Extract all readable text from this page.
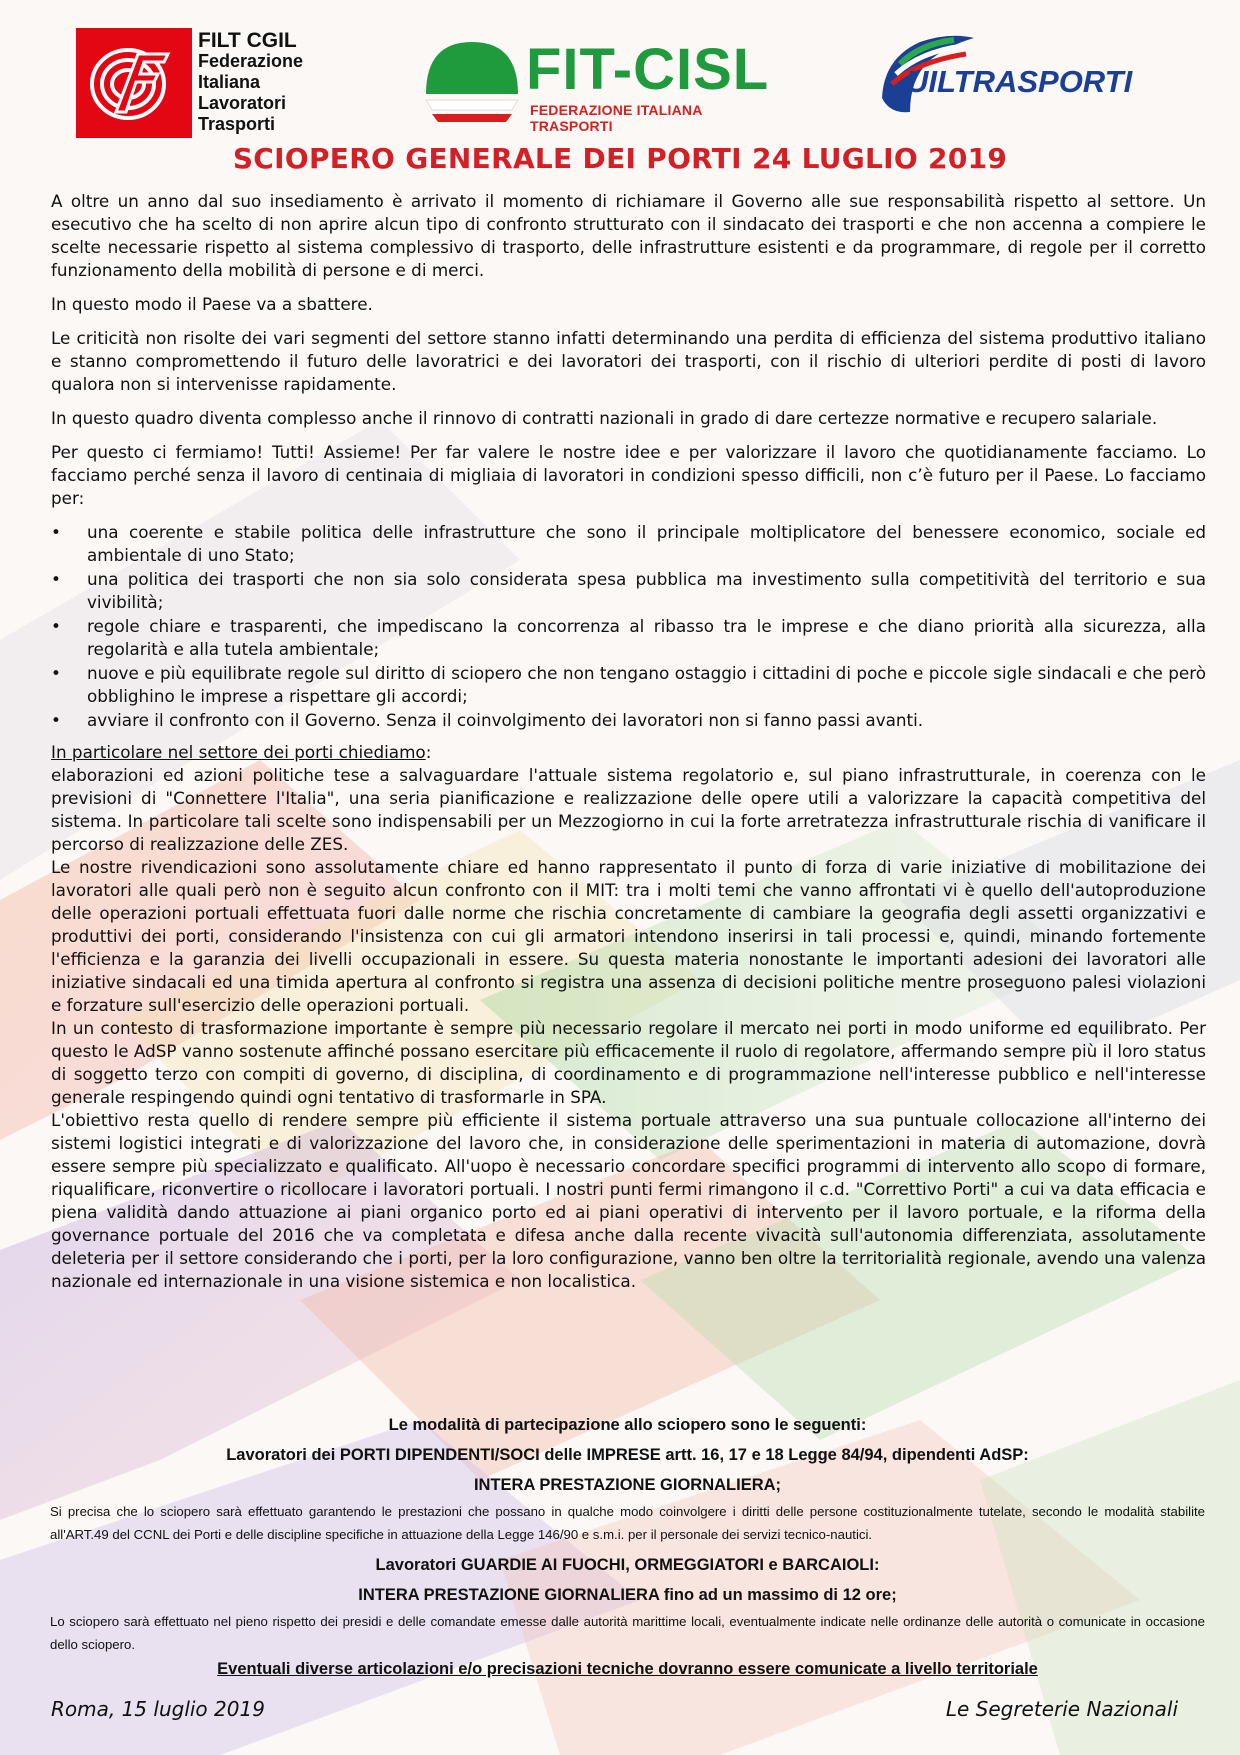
FILT CGIL
Federazione
Italiana
Lavoratori
Trasporti
FIT-CISL
FEDERAZIONE ITALIANA TRASPORTI
UILTRASPORTI
SCIOPERO GENERALE DEI PORTI 24 LUGLIO 2019

A oltre un anno dal suo insediamento è arrivato il momento di richiamare il Governo alle sue responsabilità rispetto al settore. Un esecutivo che ha scelto di non aprire alcun tipo di confronto strutturato con il sindacato dei trasporti e che non accenna a compiere le scelte necessarie rispetto al sistema complessivo di trasporto, delle infrastrutture esistenti e da programmare, di regole per il corretto funzionamento della mobilità di persone e di merci.

In questo modo il Paese va a sbattere.

Le criticità non risolte dei vari segmenti del settore stanno infatti determinando una perdita di efficienza del sistema produttivo italiano e stanno compromettendo il futuro delle lavoratrici e dei lavoratori dei trasporti, con il rischio di ulteriori perdite di posti di lavoro qualora non si intervenisse rapidamente.

In questo quadro diventa complesso anche il rinnovo di contratti nazionali in grado di dare certezze normative e recupero salariale.

Per questo ci fermiamo! Tutti! Assieme! Per far valere le nostre idee e per valorizzare il lavoro che quotidianamente facciamo. Lo facciamo perché senza il lavoro di centinaia di migliaia di lavoratori in condizioni spesso difficili, non c’è futuro per il Paese. Lo facciamo per:

• una coerente e stabile politica delle infrastrutture che sono il principale moltiplicatore del benessere economico, sociale ed ambientale di uno Stato;
• una politica dei trasporti che non sia solo considerata spesa pubblica ma investimento sulla competitività del territorio e sua vivibilità;
• regole chiare e trasparenti, che impediscano la concorrenza al ribasso tra le imprese e che diano priorità alla sicurezza, alla regolarità e alla tutela ambientale;
• nuove e più equilibrate regole sul diritto di sciopero che non tengano ostaggio i cittadini di poche e piccole sigle sindacali e che però obblighino le imprese a rispettare gli accordi;
• avviare il confronto con il Governo. Senza il coinvolgimento dei lavoratori non si fanno passi avanti.

In particolare nel settore dei porti chiediamo:

elaborazioni ed azioni politiche tese a salvaguardare l'attuale sistema regolatorio e, sul piano infrastrutturale, in coerenza con le previsioni di "Connettere l'Italia", una seria pianificazione e realizzazione delle opere utili a valorizzare la capacità competitiva del sistema. In particolare tali scelte sono indispensabili per un Mezzogiorno in cui la forte arretratezza infrastrutturale rischia di vanificare il percorso di realizzazione delle ZES.

Le nostre rivendicazioni sono assolutamente chiare ed hanno rappresentato il punto di forza di varie iniziative di mobilitazione dei lavoratori alle quali però non è seguito alcun confronto con il MIT: tra i molti temi che vanno affrontati vi è quello dell'autoproduzione delle operazioni portuali effettuata fuori dalle norme che rischia concretamente di cambiare la geografia degli assetti organizzativi e produttivi dei porti, considerando l'insistenza con cui gli armatori intendono inserirsi in tali processi e, quindi, minando fortemente l'efficienza e la garanzia dei livelli occupazionali in essere. Su questa materia nonostante le importanti adesioni dei lavoratori alle iniziative sindacali ed una timida apertura al confronto si registra una assenza di decisioni politiche mentre proseguono palesi violazioni e forzature sull'esercizio delle operazioni portuali.

In un contesto di trasformazione importante è sempre più necessario regolare il mercato nei porti in modo uniforme ed equilibrato. Per questo le AdSP vanno sostenute affinché possano esercitare più efficacemente il ruolo di regolatore, affermando sempre più il loro status di soggetto terzo con compiti di governo, di disciplina, di coordinamento e di programmazione nell'interesse pubblico e nell'interesse generale respingendo quindi ogni tentativo di trasformarle in SPA.

L'obiettivo resta quello di rendere sempre più efficiente il sistema portuale attraverso una sua puntuale collocazione all'interno dei sistemi logistici integrati e di valorizzazione del lavoro che, in considerazione delle sperimentazioni in materia di automazione, dovrà essere sempre più specializzato e qualificato. All'uopo è necessario concordare specifici programmi di intervento allo scopo di formare, riqualificare, riconvertire o ricollocare i lavoratori portuali. I nostri punti fermi rimangono il c.d. "Correttivo Porti" a cui va data efficacia e piena validità dando attuazione ai piani organico porto ed ai piani operativi di intervento per il lavoro portuale, e la riforma della governance portuale del 2016 che va completata e difesa anche dalla recente vivacità sull'autonomia differenziata, assolutamente deleteria per il settore considerando che i porti, per la loro configurazione, vanno ben oltre la territorialità regionale, avendo una valenza nazionale ed internazionale in una visione sistemica e non localistica.

Le modalità di partecipazione allo sciopero sono le seguenti:

Lavoratori dei PORTI DIPENDENTI/SOCI delle IMPRESE artt. 16, 17 e 18 Legge 84/94, dipendenti AdSP:

INTERA PRESTAZIONE GIORNALIERA;

Si precisa che lo sciopero sarà effettuato garantendo le prestazioni che possano in qualche modo coinvolgere i diritti delle persone costituzionalmente tutelate, secondo le modalità stabilite all'ART.49 del CCNL dei Porti e delle discipline specifiche in attuazione della Legge 146/90 e s.m.i. per il personale dei servizi tecnico-nautici.

Lavoratori GUARDIE AI FUOCHI, ORMEGGIATORI e BARCAIOLI:

INTERA PRESTAZIONE GIORNALIERA fino ad un massimo di 12 ore;

Lo sciopero sarà effettuato nel pieno rispetto dei presidi e delle comandate emesse dalle autorità marittime locali, eventualmente indicate nelle ordinanze delle autorità o comunicate in occasione dello sciopero.

Eventuali diverse articolazioni e/o precisazioni tecniche dovranno essere comunicate a livello territoriale

Roma, 15 luglio 2019	Le Segreterie Nazionali
